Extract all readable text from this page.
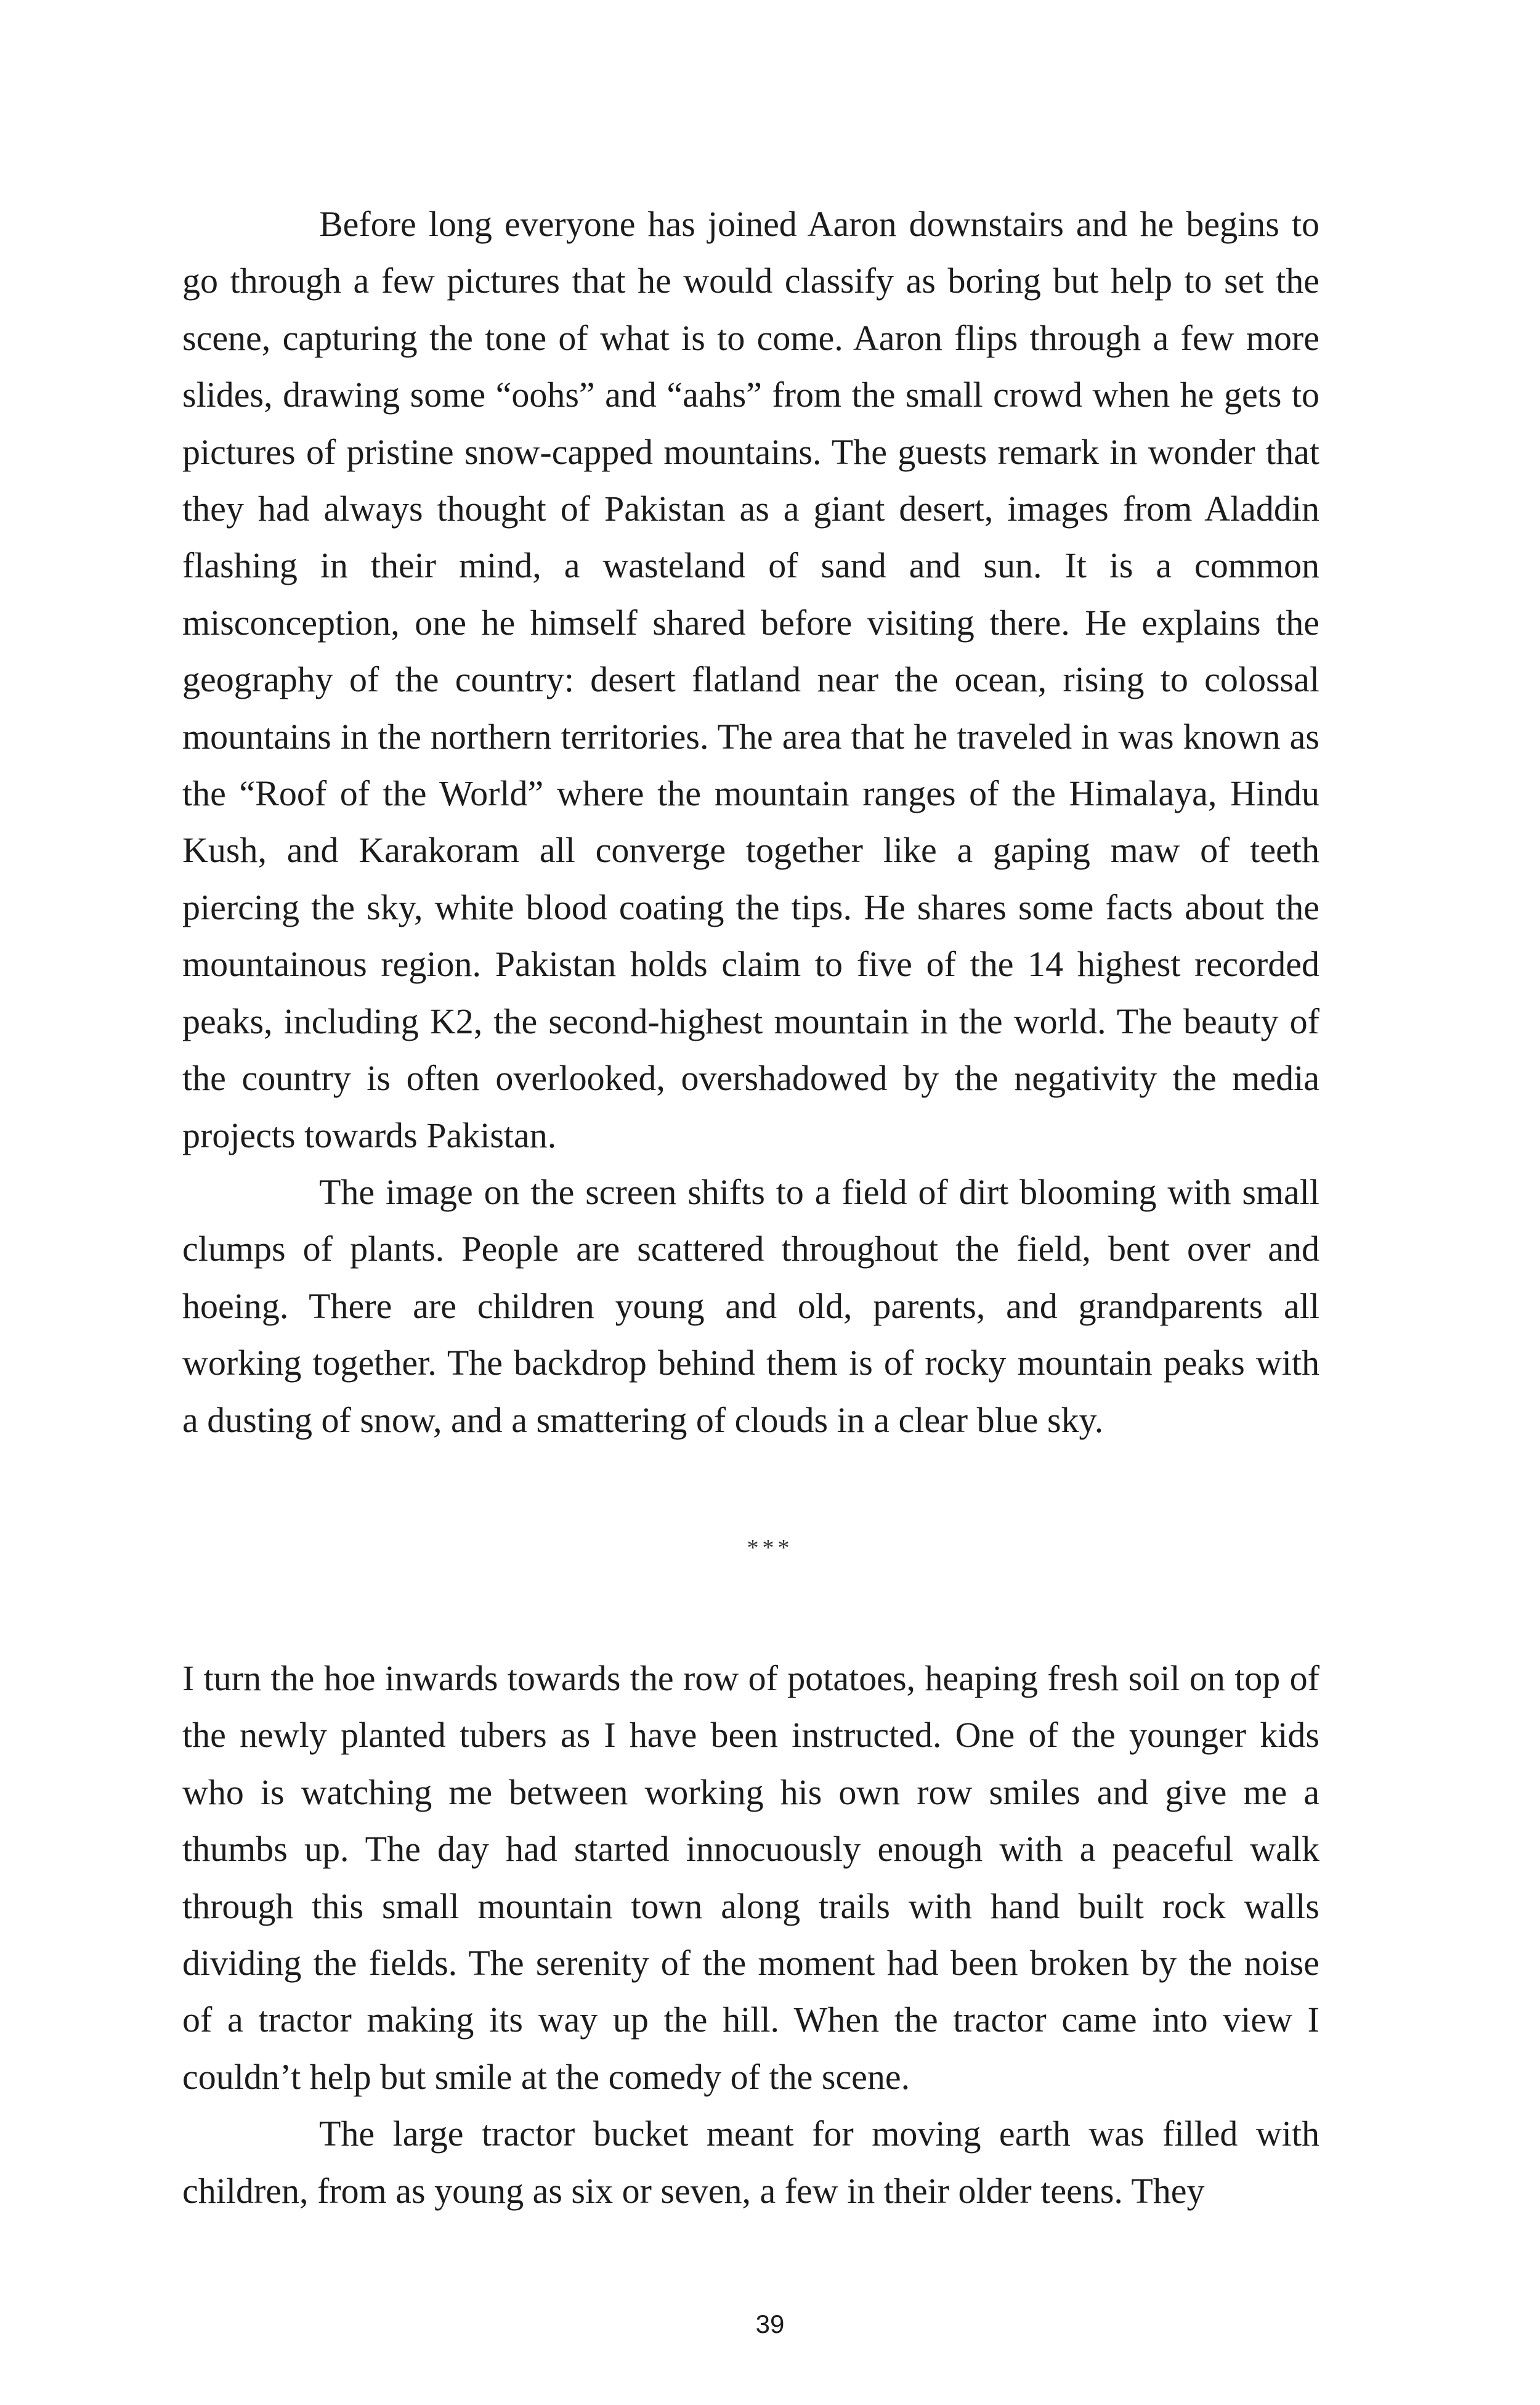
Before long everyone has joined Aaron downstairs and he begins to go through a few pictures that he would classify as boring but help to set the scene, capturing the tone of what is to come. Aaron flips through a few more slides, drawing some “oohs” and “aahs” from the small crowd when he gets to pictures of pristine snow-capped mountains. The guests remark in wonder that they had always thought of Pakistan as a giant desert, images from Aladdin flashing in their mind, a wasteland of sand and sun. It is a common misconception, one he himself shared before visiting there. He explains the geography of the country: desert flatland near the ocean, rising to colossal mountains in the northern territories. The area that he traveled in was known as the “Roof of the World” where the mountain ranges of the Himalaya, Hindu Kush, and Karakoram all converge together like a gaping maw of teeth piercing the sky, white blood coating the tips. He shares some facts about the mountainous region. Pakistan holds claim to five of the 14 highest recorded peaks, including K2, the second-highest mountain in the world. The beauty of the country is often overlooked, overshadowed by the negativity the media projects towards Pakistan.

The image on the screen shifts to a field of dirt blooming with small clumps of plants. People are scattered throughout the field, bent over and hoeing. There are children young and old, parents, and grandparents all working together. The backdrop behind them is of rocky mountain peaks with a dusting of snow, and a smattering of clouds in a clear blue sky.

***

I turn the hoe inwards towards the row of potatoes, heaping fresh soil on top of the newly planted tubers as I have been instructed. One of the younger kids who is watching me between working his own row smiles and give me a thumbs up. The day had started innocuously enough with a peaceful walk through this small mountain town along trails with hand built rock walls dividing the fields. The serenity of the moment had been broken by the noise of a tractor making its way up the hill. When the tractor came into view I couldn’t help but smile at the comedy of the scene.

The large tractor bucket meant for moving earth was filled with children, from as young as six or seven, a few in their older teens. They

39
